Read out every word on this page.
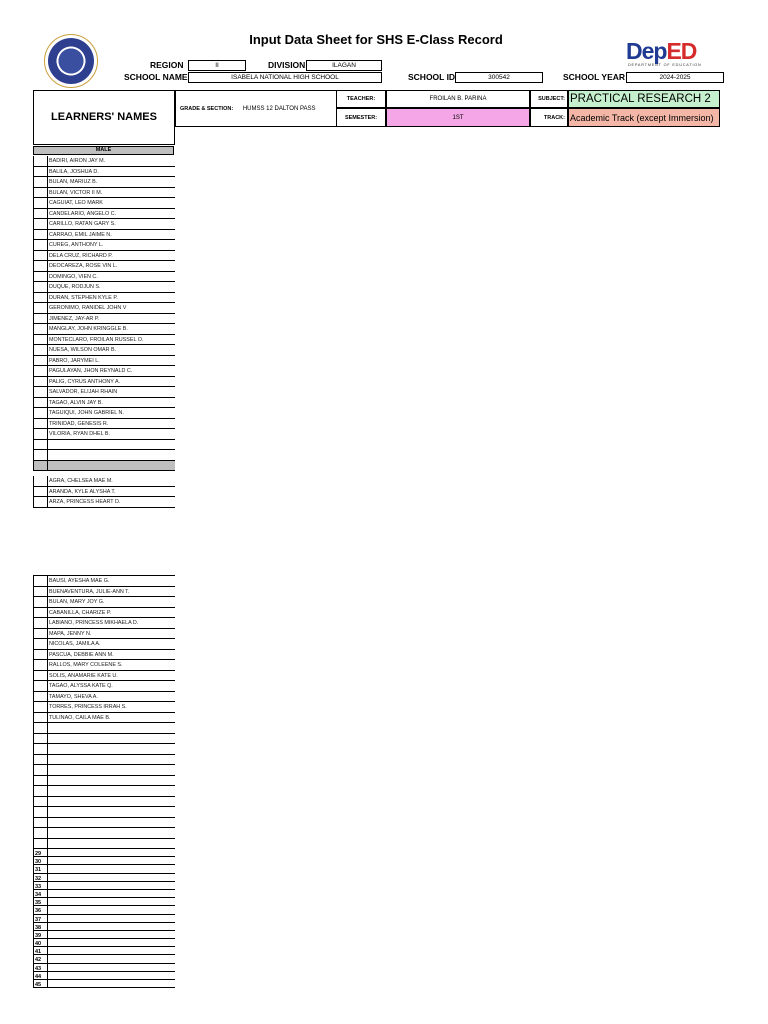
Input Data Sheet for SHS E-Class Record	DepED
DEPARTMENT OF EDUCATION
REGION	II	DIVISION	ILAGAN
SCHOOL NAME	ISABELA NATIONAL HIGH SCHOOL	SCHOOL ID	300542	SCHOOL YEAR	2024-2025
LEARNERS' NAMES
GRADE & SECTION: HUMSS 12 DALTON PASS
TEACHER:	FROILAN B. PARINA
SEMESTER:	1ST
SUBJECT: PRACTICAL RESEARCH 2
TRACK: Academic Track (except Immersion)
MALE
BADIRI, AIRON JAY M.
BALILA, JOSHUA D.
BULAN, MARIUZ B.
BULAN, VICTOR II M.
CAGUIAT, LEO MARK
CANDELARIO, ANGELO C.
CARILLO, RATAN GARY S.
CARRAO, EMIL JAIME N.
CUREG, ANTHONY L.
DELA CRUZ, RICHARD P.
DEOCAREZA, ROSE VIN L.
DOMINGO, VIEN C.
DUQUE, RODJUN S.
DURAN, STEPHEN KYLE P.
GERONIMO, RANIDEL JOHN V
JIMENEZ, JAY-AR P.
MANGLAY, JOHN KRINGGLE B.
MONTECLARO, FROILAN RUSSEL O.
NUESA, WILSON OMAR B.
PABRO, JARYMEI L.
PAGULAYAN, JHON REYNALD C.
PALIG, CYRUS ANTHONY A.
SALVADOR, ELIJAH RHAIN
TAGAO, ALVIN JAY B.
TAGUIQUI, JOHN GABRIEL N.
TRINIDAD, GENESIS R.
VILORIA, RYAN DHEL B.
AGRA, CHELSEA MAE M.
ARANDA, KYLE ALYSHA T.
ARZA, PRINCESS HEART D.
BAUSI, AYESHA MAE G.
BUENAVENTURA, JULIE-ANN T.
BULAN, MARY JOY G.
CABANILLA, CHARIZE P.
LABIANO, PRINCESS MIKHAELA D.
MAPA, JENNY N.
NICOLAS, JAMILA A.
PASCUA, DEBBIE ANN M.
RALLOS, MARY COLEENE S.
SOLIS, ANAMARIE KATE U.
TAGAO, ALYSSA KATE Q.
TAMAYO, SHEVA A.
TORRES, PRINCESS IRRAH S.
TULINAO, CAILA MAE B.
29
30
31
32
33
34
35
36
37
38
39
40
41
42
43
44
45
